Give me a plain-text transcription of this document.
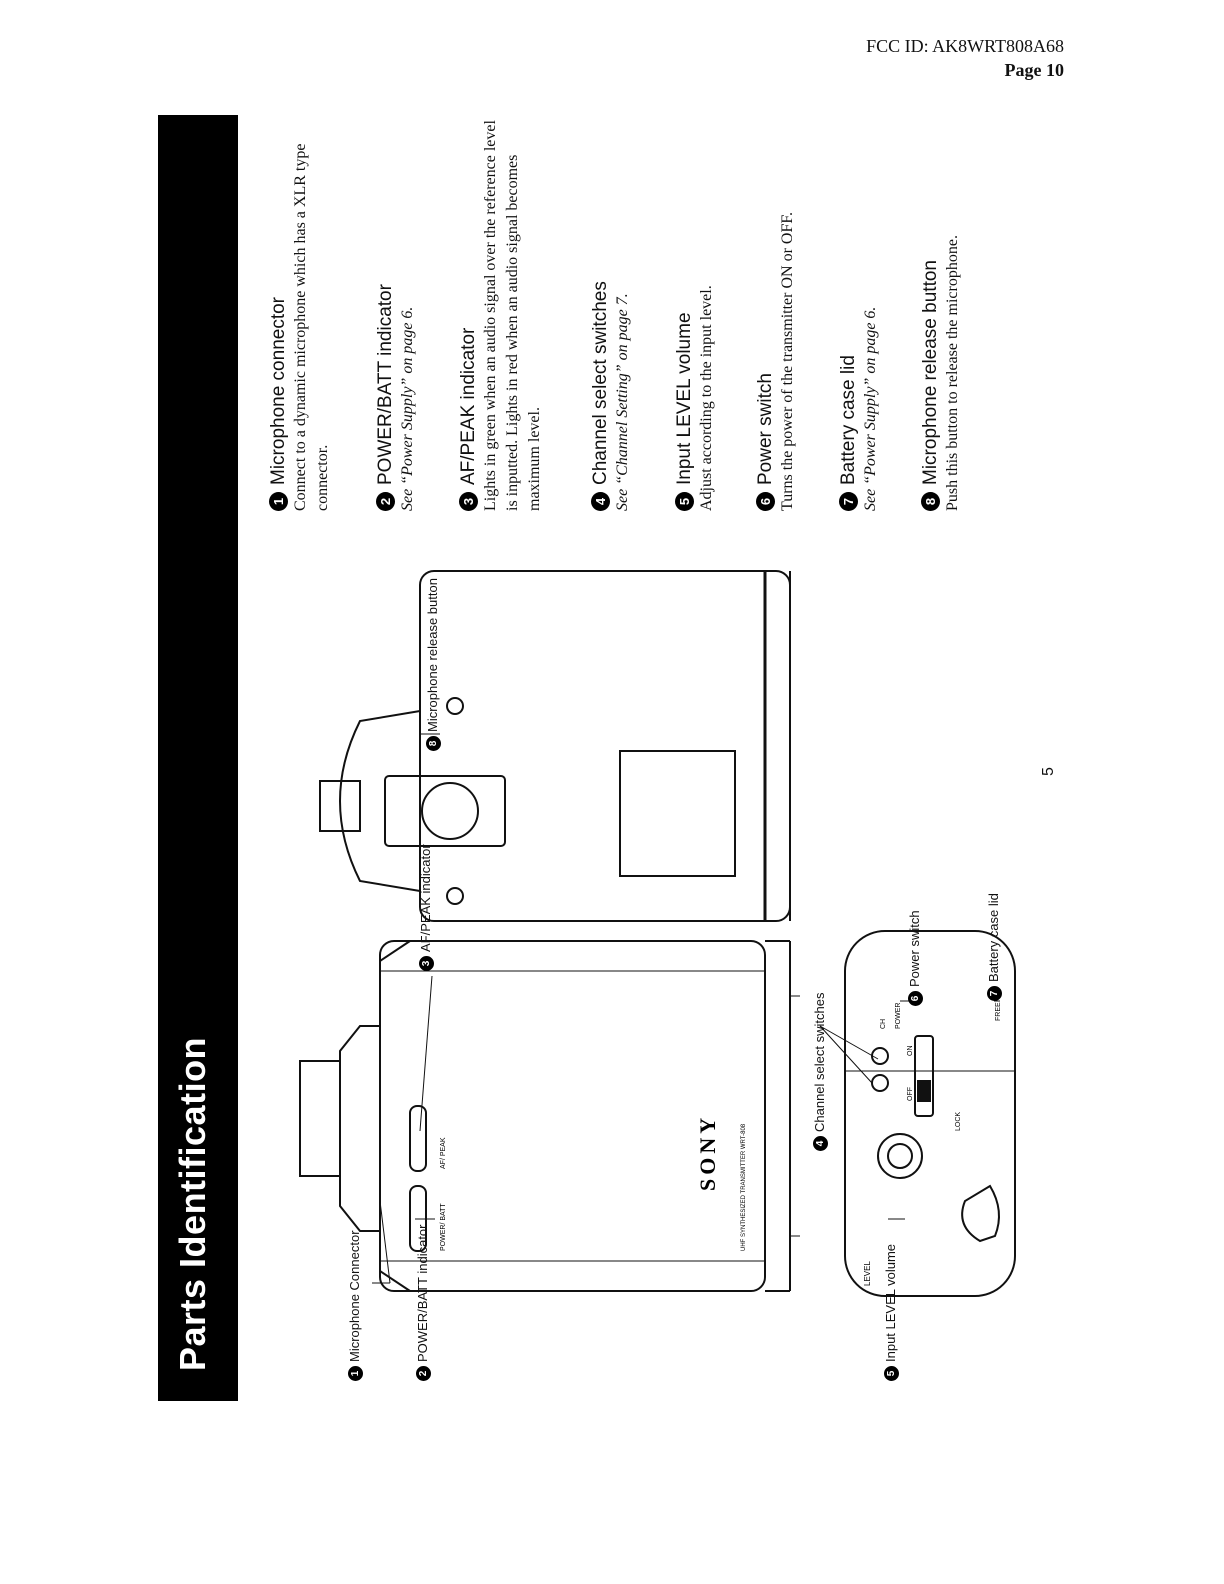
FCC ID: AK8WRT808A68
Page 10
Parts Identification	POWER/ BATT
AF/ PEAK	SONY	UHF SYNTHESIZED TRANSMITTER WRT-808
LEVEL
OFF
ON
CH POWER
LOCK
FREE
1Microphone Connector
2POWER/BATT indicator
3AF/PEAK indicator
4Channel select switches
5Input LEVEL volume
6Power switch
7Battery case lid
8Microphone release button
1Microphone connector Connect to a dynamic microphone which has a XLR type connector.	2POWER/BATT indicator See “Power Supply” on page 6.	3AF/PEAK indicator Lights in green when an audio signal over the reference level is inputted. Lights in red when an audio signal becomes maximum level.	4Channel select switches See “Channel Setting” on page 7.	5Input LEVEL volume Adjust according to the input level.	6Power switch Turns the power of the transmitter ON or OFF.	7Battery case lid See “Power Supply” on page 6.	8Microphone release button Push this button to release the microphone.
5
